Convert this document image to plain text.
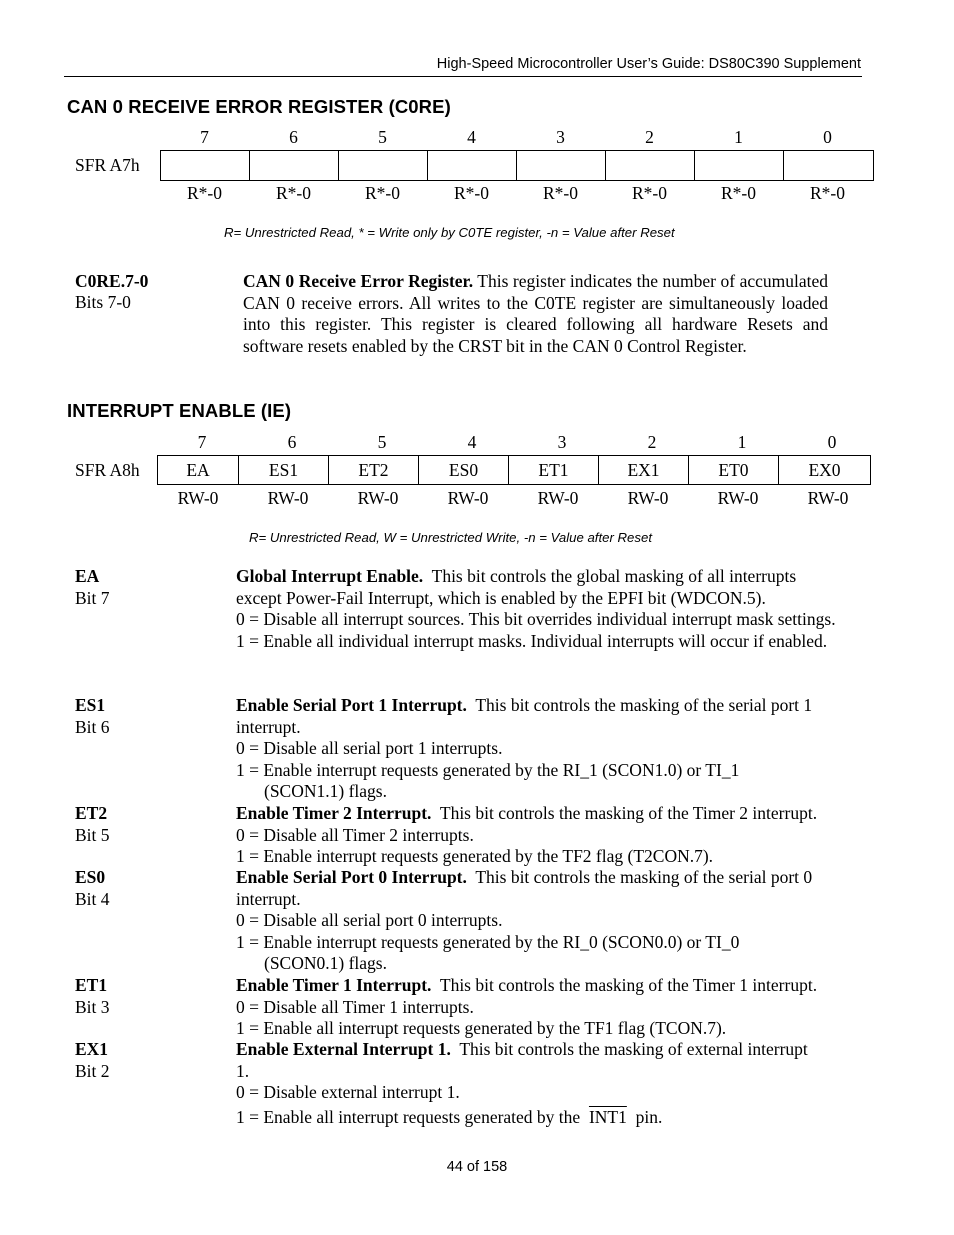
High-Speed Microcontroller User’s Guide: DS80C390 Supplement
CAN 0 RECEIVE ERROR REGISTER (C0RE)
7	6	5	4	3	2	1	0
SFR A7h
R*-0	R*-0	R*-0	R*-0	R*-0	R*-0	R*-0	R*-0
R= Unrestricted Read, * = Write only by C0TE register, -n = Value after Reset
C0RE.7-0
Bits 7-0
CAN 0 Receive Error Register. This register indicates the number of accumulated CAN 0 receive errors. All writes to the C0TE register are simultaneously loaded into this register. This register is cleared following all hardware Resets and software resets enabled by the CRST bit in the CAN 0 Control Register.
INTERRUPT ENABLE (IE)
7	6	5	4	3	2	1	0
SFR A8h	EA	ES1	ET2	ES0	ET1	EX1	ET0	EX0
RW-0	RW-0	RW-0	RW-0	RW-0	RW-0	RW-0	RW-0
R= Unrestricted Read, W = Unrestricted Write, -n = Value after Reset
EA
Bit 7
Global Interrupt Enable. This bit controls the global masking of all interrupts
except Power-Fail Interrupt, which is enabled by the EPFI bit (WDCON.5).
0 = Disable all interrupt sources. This bit overrides individual interrupt mask settings.
1 = Enable all individual interrupt masks. Individual interrupts will occur if enabled.
ES1
Bit 6
Enable Serial Port 1 Interrupt. This bit controls the masking of the serial port 1
interrupt.
0 = Disable all serial port 1 interrupts.
1 = Enable interrupt requests generated by the RI_1 (SCON1.0) or TI_1 (SCON1.1) flags.
ET2
Bit 5
Enable Timer 2 Interrupt. This bit controls the masking of the Timer 2 interrupt.
0 = Disable all Timer 2 interrupts.
1 = Enable interrupt requests generated by the TF2 flag (T2CON.7).
ES0
Bit 4
Enable Serial Port 0 Interrupt. This bit controls the masking of the serial port 0
interrupt.
0 = Disable all serial port 0 interrupts.
1 = Enable interrupt requests generated by the RI_0 (SCON0.0) or TI_0 (SCON0.1) flags.
ET1
Bit 3
Enable Timer 1 Interrupt. This bit controls the masking of the Timer 1 interrupt.
0 = Disable all Timer 1 interrupts.
1 = Enable all interrupt requests generated by the TF1 flag (TCON.7).
EX1
Bit 2
Enable External Interrupt 1. This bit controls the masking of external interrupt
1.
0 = Disable external interrupt 1.
1 = Enable all interrupt requests generated by the INT1 pin.
44 of 158
